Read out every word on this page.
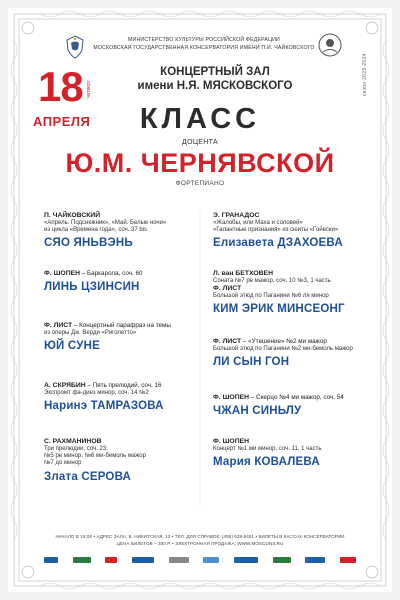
МИНИСТЕРСТВО КУЛЬТУРЫ РОССИЙСКОЙ ФЕДЕРАЦИИ
МОСКОВСКАЯ ГОСУДАРСТВЕННАЯ КОНСЕРВАТОРИЯ ИМЕНИ П.И. ЧАЙКОВСКОГО
сезон 2023-2024
18 четверг
АПРЕЛЯ
КОНЦЕРТНЫЙ ЗАЛ
имени Н.Я. МЯСКОВСКОГО
КЛАСС
ДОЦЕНТА
Ю.М. ЧЕРНЯВСКОЙ
ФОРТЕПИАНО
П. ЧАЙКОВСКИЙ
«Апрель. Подснежник», «Май. Белые ночи»
из цикла «Времена года», соч. 37 bis
СЯО ЯНЬВЭНЬ
Ф. ШОПЕН – Баркарола, соч. 60
ЛИНЬ ЦЗИНСИН
Ф. ЛИСТ – Концертный парафраз на темы
из оперы Дж. Верди «Риголетто»
ЮЙ СУНЕ
А. СКРЯБИН – Пять прелюдий, соч. 16
Экспромт фа-диез минор, соч. 14 №2
Наринэ ТАМРАЗОВА
С. РАХМАНИНОВ
Три прелюдии, соч. 23:
№5 ре минор, №6 ми-бемоль мажор
№7 до минор
Злата СЕРОВА
Э. ГРАНАДОС
«Жалобы, или Маха и соловей»
«Галантные признания» из сюиты «Гойески»
Елизавета ДЗАХОЕВА
Л. ван БЕТХОВЕН
Соната №7 ре мажор, соч. 10 №3, 1 часть
Ф. ЛИСТ
Большой этюд по Паганини №6 ля минор
КИМ ЭРИК МИНСЕОНГ
Ф. ЛИСТ – «Утешение» №2 ми мажор
Большой этюд по Паганини №2 ми-бемоль мажор
ЛИ СЫН ГОН
Ф. ШОПЕН – Скерцо №4 ми мажор, соч. 54
ЧЖАН СИНЬЛУ
Ф. ШОПЕН
Концерт №1 ми минор, соч. 11, 1 часть
Мария КОВАЛЕВА
НАЧАЛО В 19:00 • АДРЕС ЗАЛА: Б. НИКИТСКАЯ, 13 • ТЕЛ. ДЛЯ СПРАВОК: (495) 629-9401 • БИЛЕТЫ В КАССАХ КОНСЕРВАТОРИИ
ЦЕНА БИЛЕТОВ – 300 Р. • ЭЛЕКТРОННАЯ ПРОДАЖА: WWW.MOSCONS.RU
